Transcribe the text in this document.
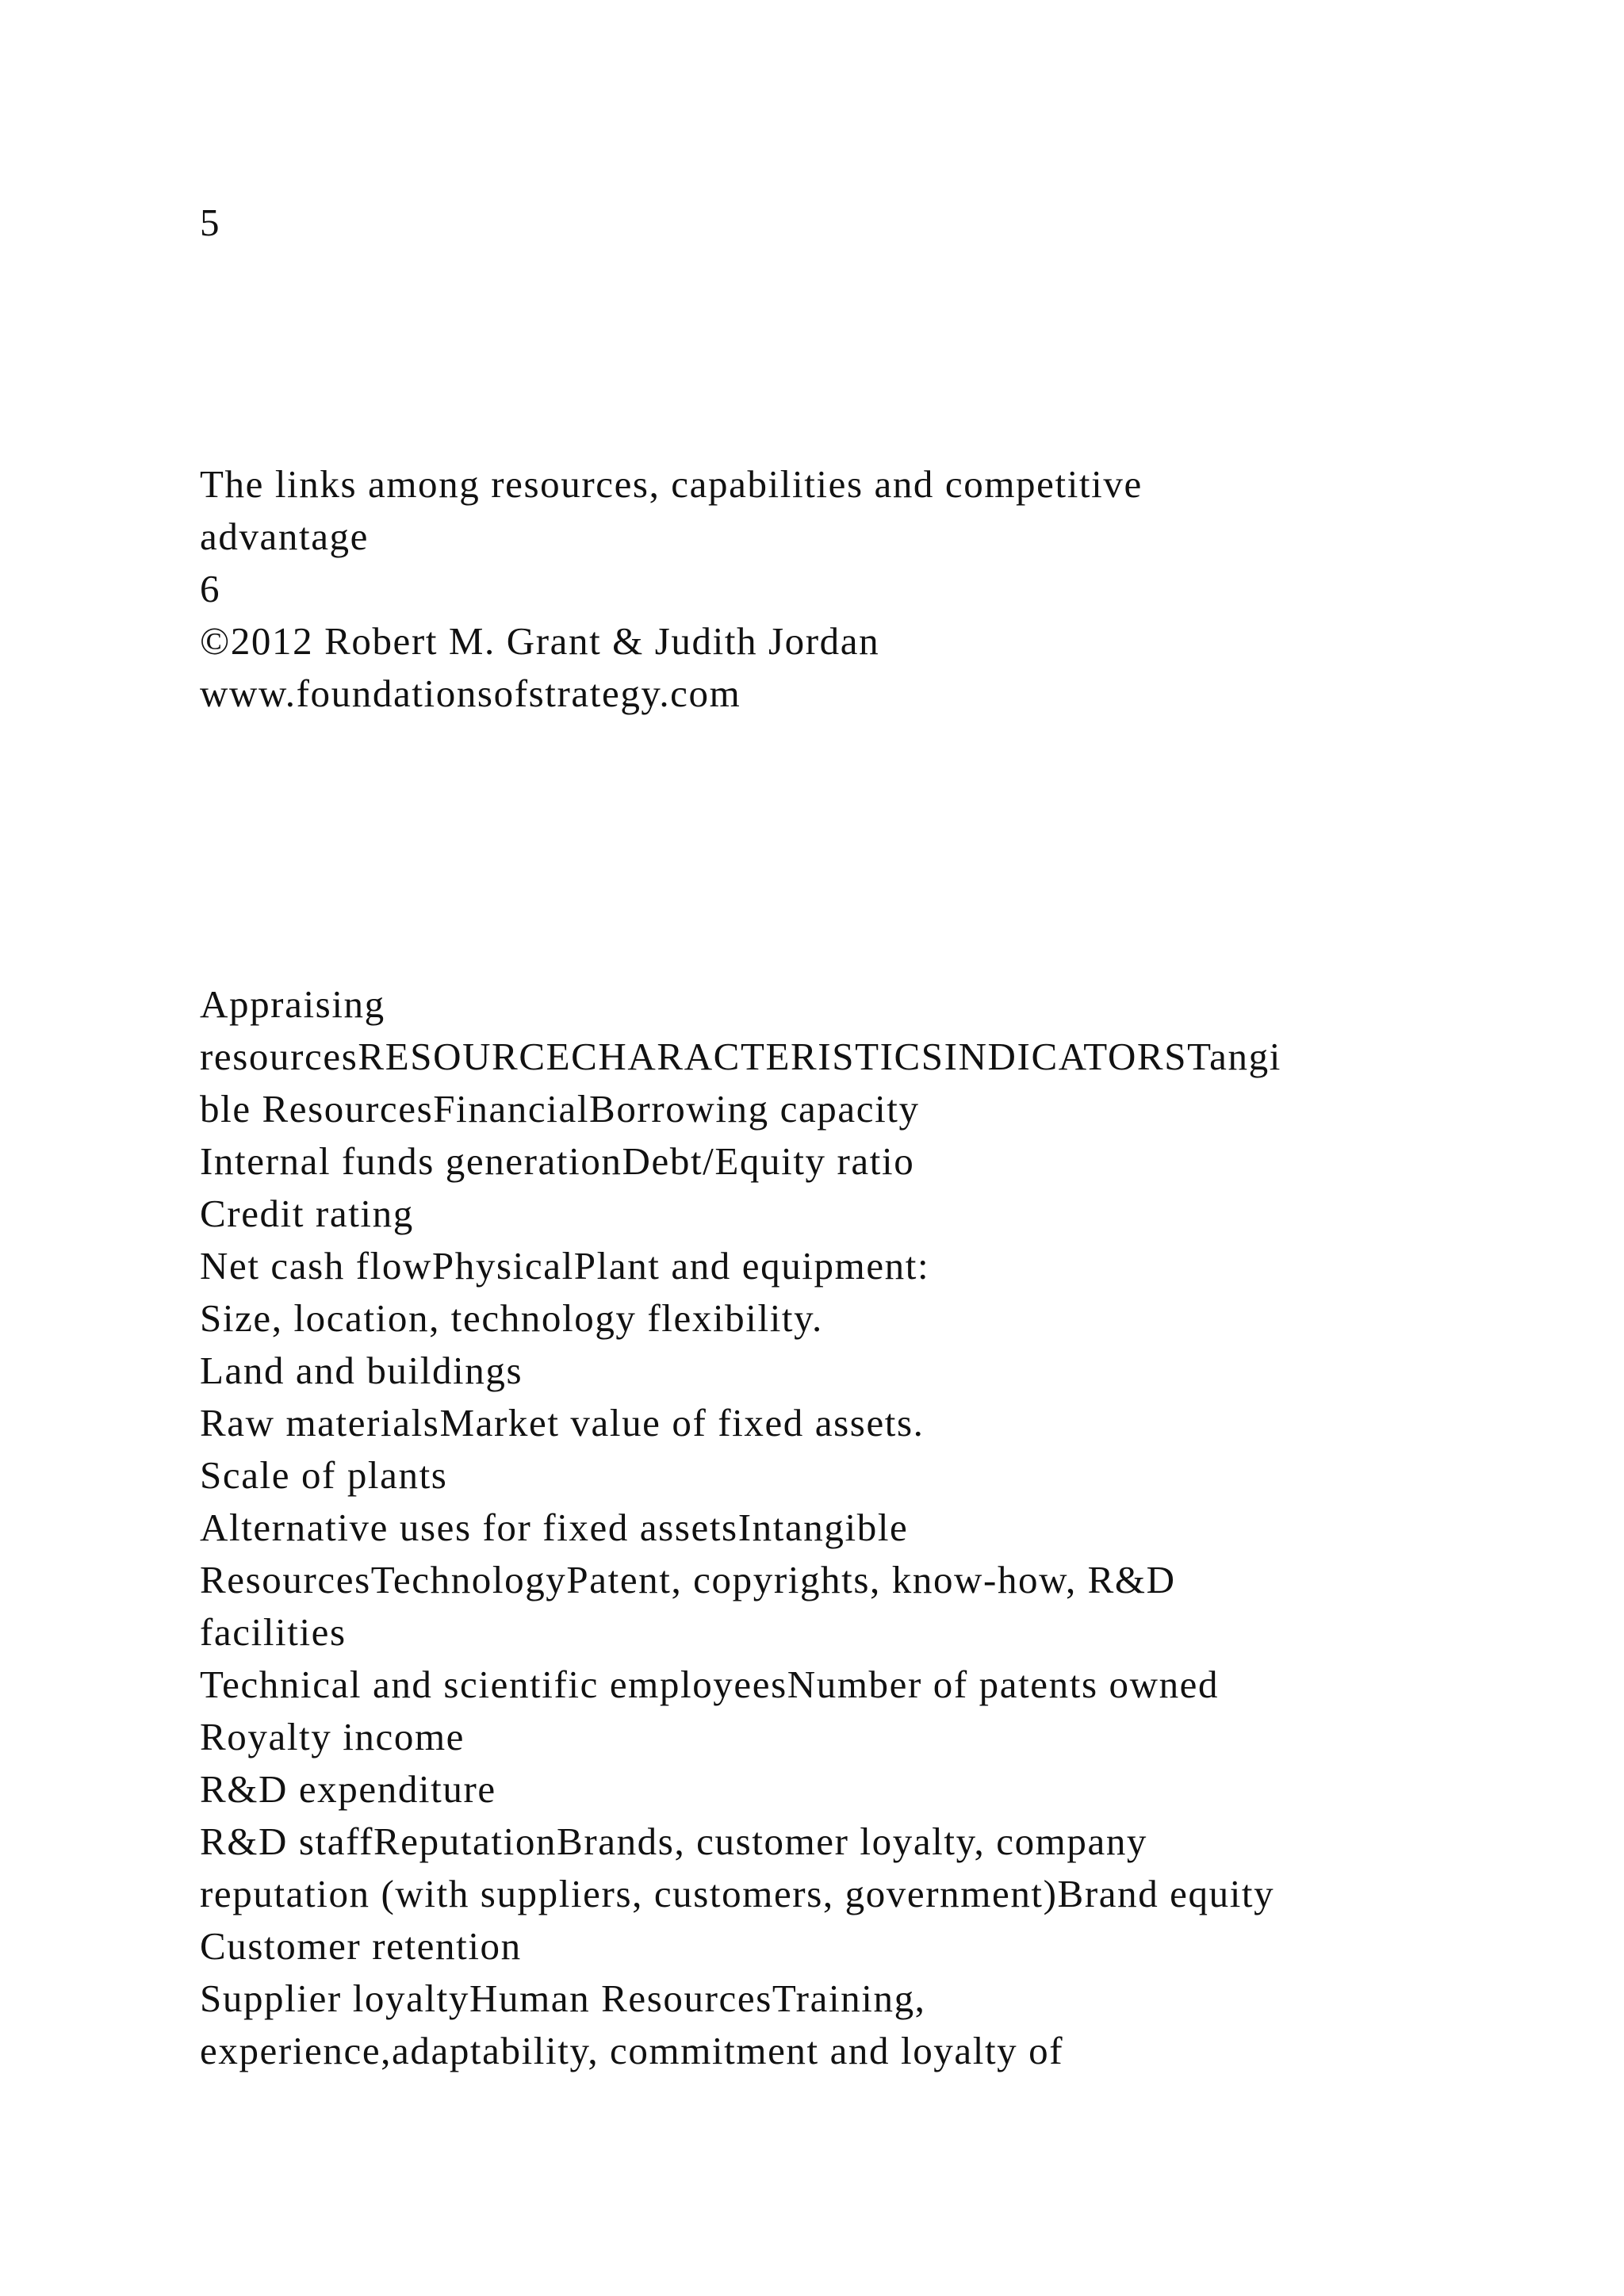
5

The links among resources, capabilities and competitive

advantage

6

©2012 Robert M. Grant & Judith Jordan

www.foundationsofstrategy.com

Appraising

resourcesRESOURCECHARACTERISTICSINDICATORSTangi

ble ResourcesFinancialBorrowing capacity

Internal funds generationDebt/Equity ratio

Credit rating

Net cash flowPhysicalPlant and equipment:

Size, location, technology flexibility.

Land and buildings

Raw materialsMarket value of fixed assets.

Scale of plants

Alternative uses for fixed assetsIntangible

ResourcesTechnologyPatent, copyrights, know-how, R&D

facilities

Technical and scientific employeesNumber of patents owned

Royalty income

R&D expenditure

R&D staffReputationBrands, customer loyalty, company

reputation (with suppliers, customers, government)Brand equity

Customer retention

Supplier loyaltyHuman ResourcesTraining,

experience,adaptability, commitment and loyalty of
